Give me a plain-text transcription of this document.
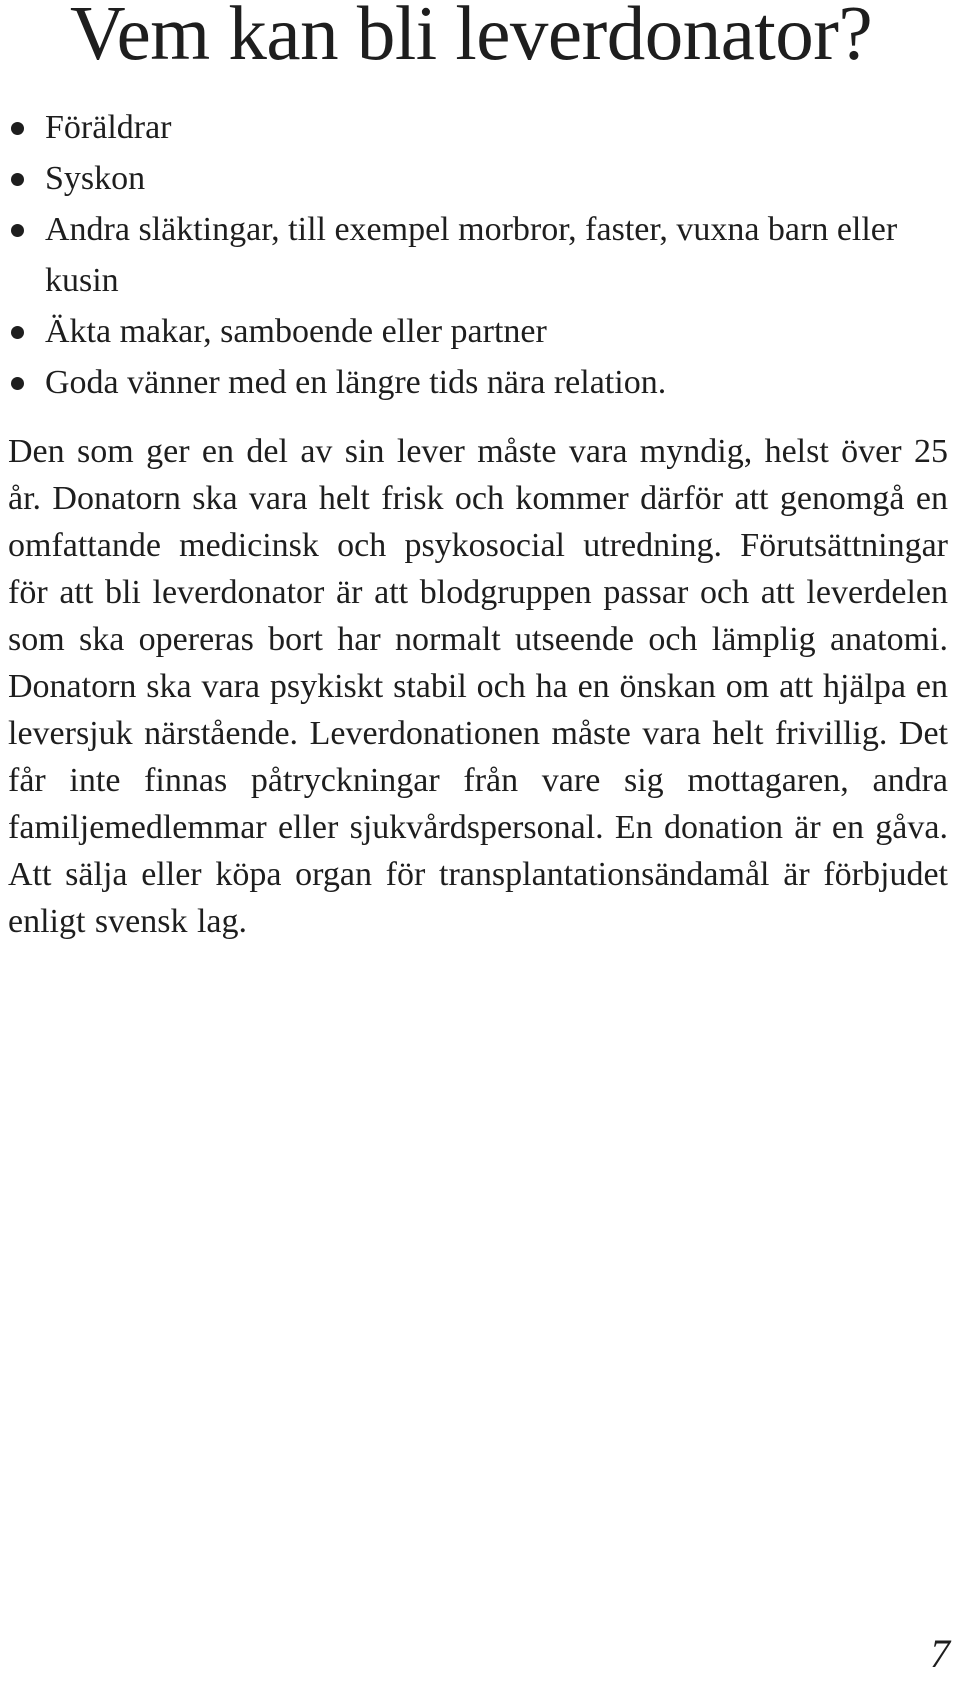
Vem kan bli leverdonator?
Föräldrar
Syskon
Andra släktingar, till exempel morbror, faster, vuxna barn eller kusin
Äkta makar, samboende eller partner
Goda vänner med en längre tids nära relation.

Den som ger en del av sin lever måste vara myndig, helst över 25 år. Donatorn ska vara helt frisk och kommer därför att genomgå en omfattande medicinsk och psykosocial utredning. Förutsättningar för att bli leverdonator är att blodgruppen passar och att leverdelen som ska opereras bort har normalt utseende och lämplig anatomi. Donatorn ska vara psykiskt stabil och ha en önskan om att hjälpa en leversjuk närstående. Leverdonationen måste vara helt frivillig. Det får inte finnas påtryckningar från vare sig mottagaren, andra familjemedlemmar eller sjukvårdspersonal. En donation är en gåva. Att sälja eller köpa organ för transplantationsändamål är förbjudet enligt svensk lag.

7
